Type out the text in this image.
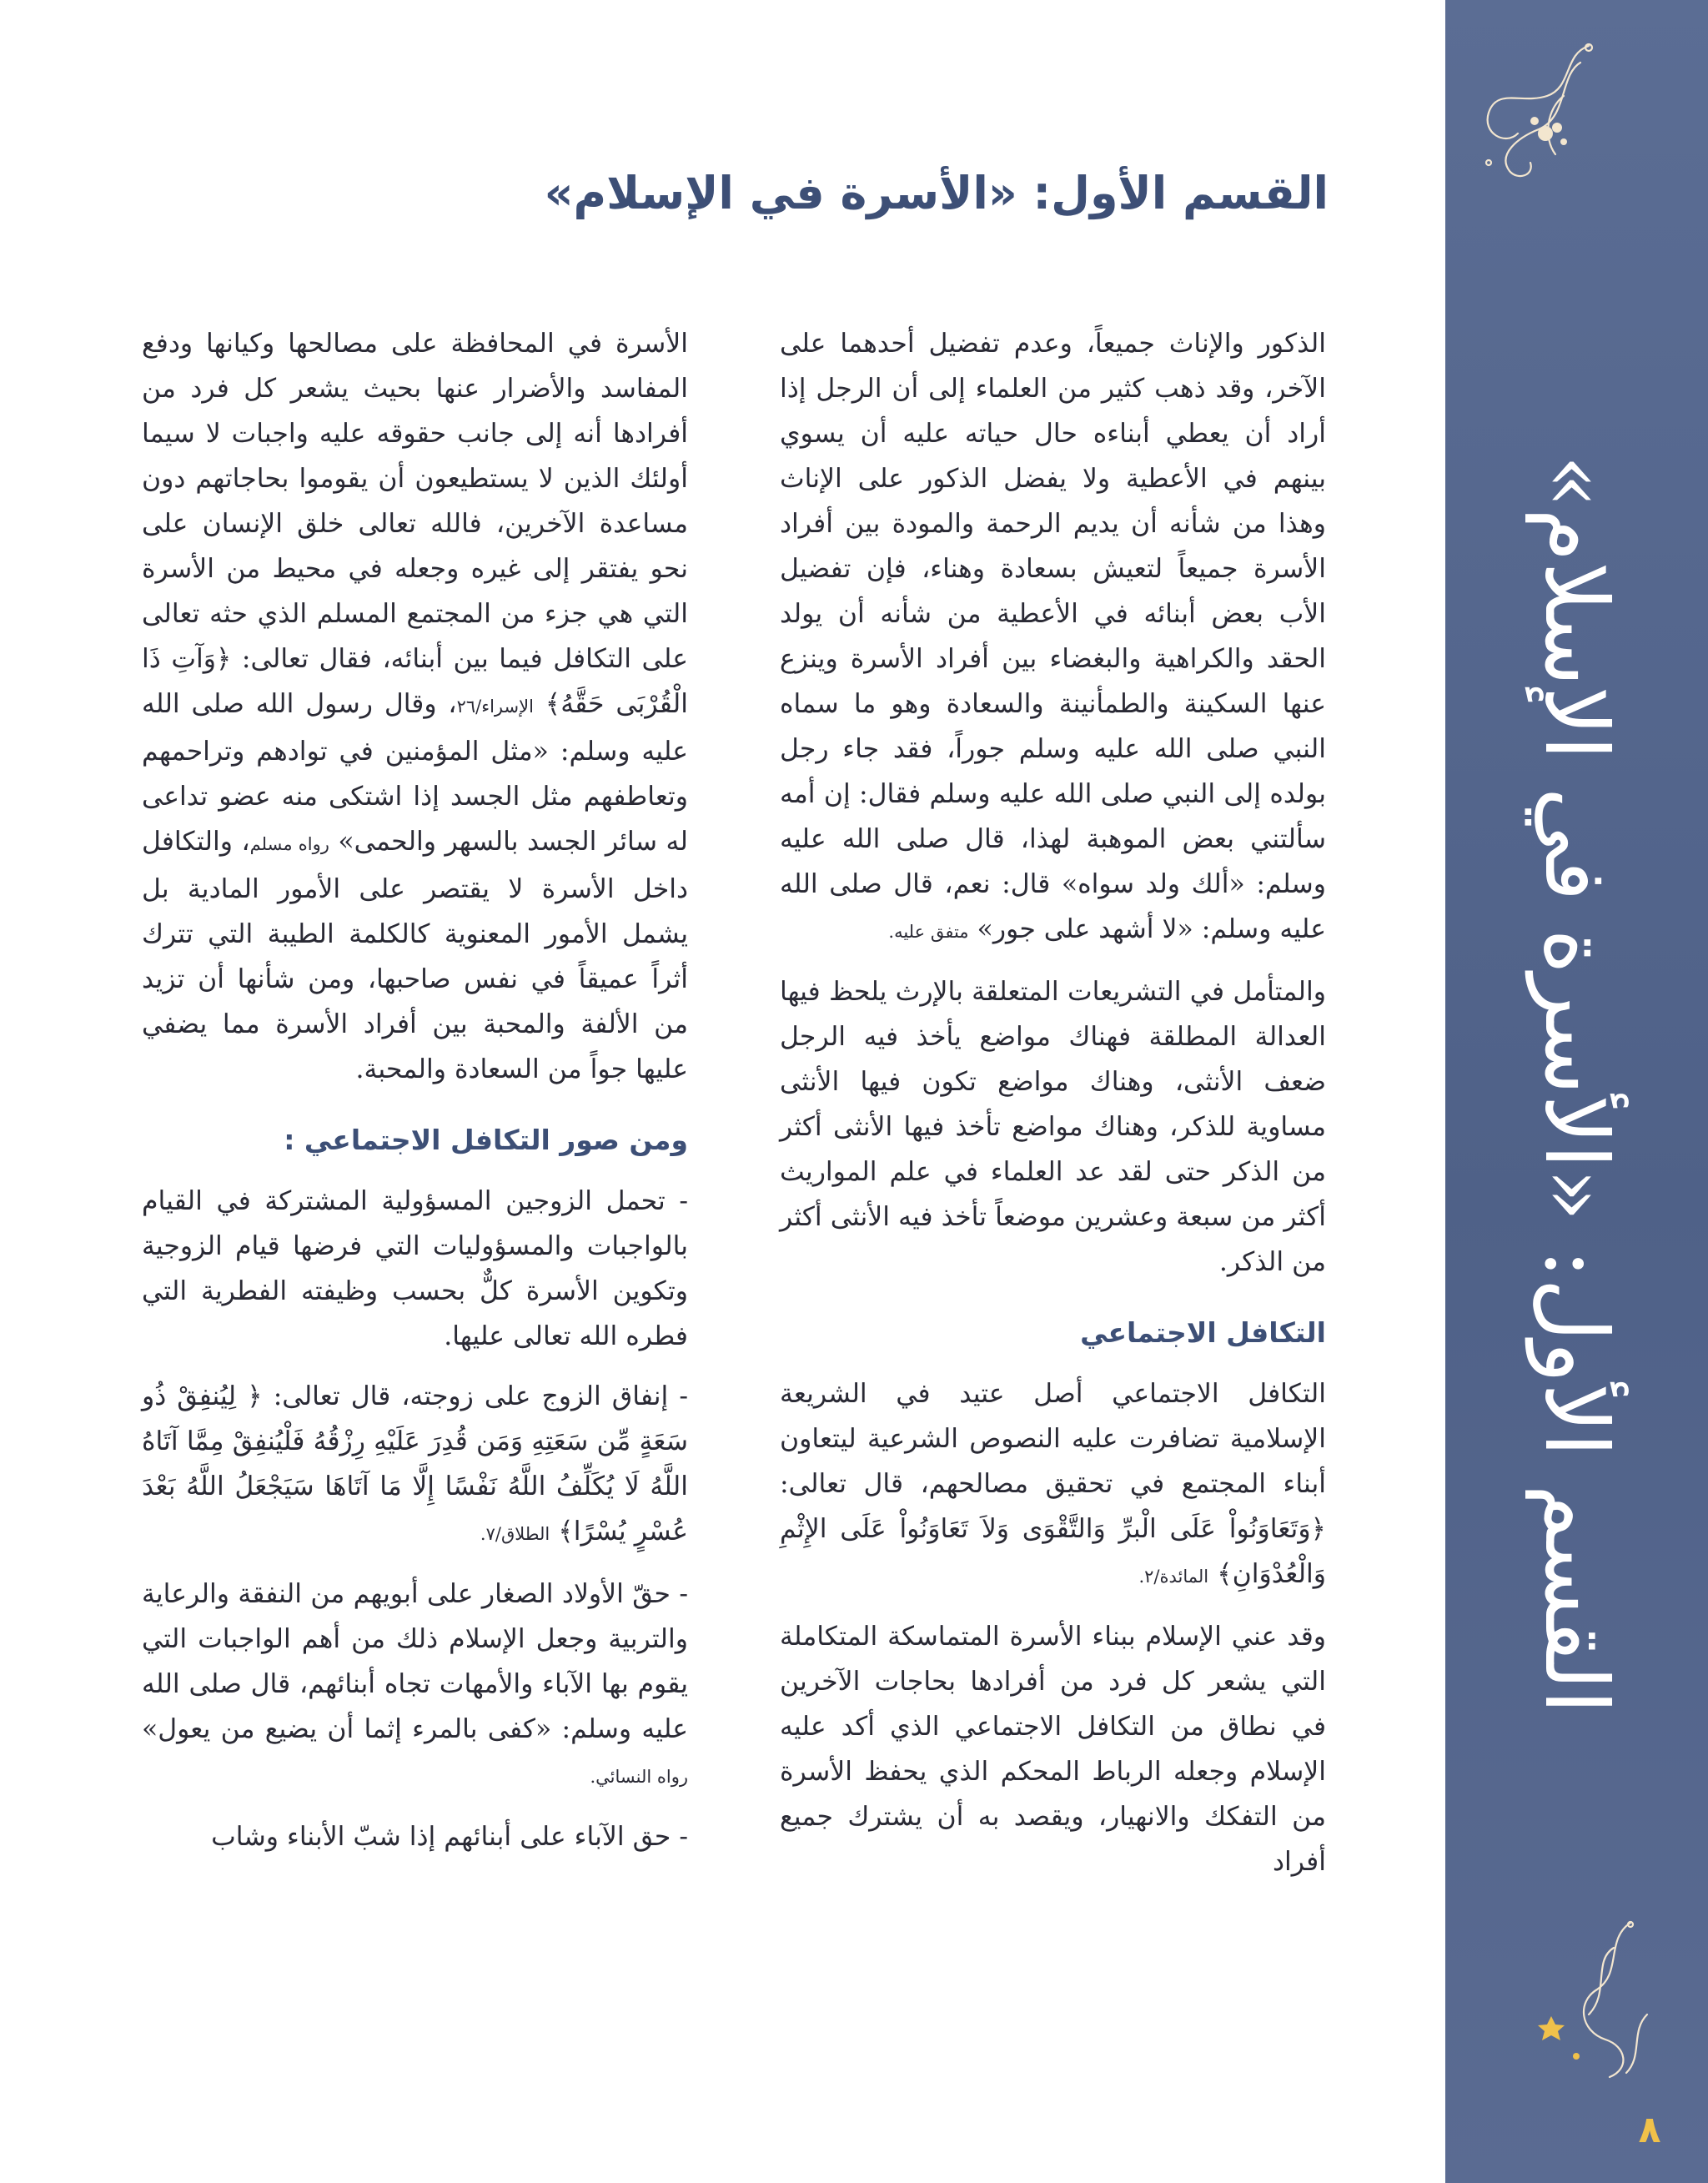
القسم الأول: «الأسرة في الإسلام»
٨
القسم الأول: «الأسرة في الإسلام»

الذكور والإناث جميعاً، وعدم تفضيل أحدهما على الآخر، وقد ذهب كثير من العلماء إلى أن الرجل إذا أراد أن يعطي أبناءه حال حياته عليه أن يسوي بينهم في الأعطية ولا يفضل الذكور على الإناث وهذا من شأنه أن يديم الرحمة والمودة بين أفراد الأسرة جميعاً لتعيش بسعادة وهناء، فإن تفضيل الأب بعض أبنائه في الأعطية من شأنه أن يولد الحقد والكراهية والبغضاء بين أفراد الأسرة وينزع عنها السكينة والطمأنينة والسعادة وهو ما سماه النبي صلى الله عليه وسلم جوراً، فقد جاء رجل بولده إلى النبي صلى الله عليه وسلم فقال: إن أمه سألتني بعض الموهبة لهذا، قال صلى الله عليه وسلم: «ألك ولد سواه» قال: نعم، قال صلى الله عليه وسلم: «لا أشهد على جور» متفق عليه.

والمتأمل في التشريعات المتعلقة بالإرث يلحظ فيها العدالة المطلقة فهناك مواضع يأخذ فيه الرجل ضعف الأنثى، وهناك مواضع تكون فيها الأنثى مساوية للذكر، وهناك مواضع تأخذ فيها الأنثى أكثر من الذكر حتى لقد عد العلماء في علم المواريث أكثر من سبعة وعشرين موضعاً تأخذ فيه الأنثى أكثر من الذكر.

التكافل الاجتماعي

التكافل الاجتماعي أصل عتيد في الشريعة الإسلامية تضافرت عليه النصوص الشرعية ليتعاون أبناء المجتمع في تحقيق مصالحهم، قال تعالى: ﴿وَتَعَاوَنُواْ عَلَى الْبرِّ وَالتَّقْوَى وَلاَ تَعَاوَنُواْ عَلَى الإِثْمِ وَالْعُدْوَانِ﴾ المائدة/٢.

وقد عني الإسلام ببناء الأسرة المتماسكة المتكاملة التي يشعر كل فرد من أفرادها بحاجات الآخرين في نطاق من التكافل الاجتماعي الذي أكد عليه الإسلام وجعله الرباط المحكم الذي يحفظ الأسرة من التفكك والانهيار، ويقصد به أن يشترك جميع أفراد

الأسرة في المحافظة على مصالحها وكيانها ودفع المفاسد والأضرار عنها بحيث يشعر كل فرد من أفرادها أنه إلى جانب حقوقه عليه واجبات لا سيما أولئك الذين لا يستطيعون أن يقوموا بحاجاتهم دون مساعدة الآخرين، فالله تعالى خلق الإنسان على نحو يفتقر إلى غيره وجعله في محيط من الأسرة التي هي جزء من المجتمع المسلم الذي حثه تعالى على التكافل فيما بين أبنائه، فقال تعالى: ﴿وَآتِ ذَا الْقُرْبَى حَقَّهُ﴾ الإسراء/٢٦، وقال رسول الله صلى الله عليه وسلم: «مثل المؤمنين في توادهم وتراحمهم وتعاطفهم مثل الجسد إذا اشتكى منه عضو تداعى له سائر الجسد بالسهر والحمى» رواه مسلم، والتكافل داخل الأسرة لا يقتصر على الأمور المادية بل يشمل الأمور المعنوية كالكلمة الطيبة التي تترك أثراً عميقاً في نفس صاحبها، ومن شأنها أن تزيد من الألفة والمحبة بين أفراد الأسرة مما يضفي عليها جواً من السعادة والمحبة.

ومن صور التكافل الاجتماعي :

- تحمل الزوجين المسؤولية المشتركة في القيام بالواجبات والمسؤوليات التي فرضها قيام الزوجية وتكوين الأسرة كلٌّ بحسب وظيفته الفطرية التي فطره الله تعالى عليها.

- إنفاق الزوج على زوجته، قال تعالى: ﴿ لِيُنفِقْ ذُو سَعَةٍ مِّن سَعَتِهِ وَمَن قُدِرَ عَلَيْهِ رِزْقُهُ فَلْيُنفِقْ مِمَّا آتَاهُ اللَّهُ لَا يُكَلِّفُ اللَّهُ نَفْسًا إِلَّا مَا آتَاهَا سَيَجْعَلُ اللَّهُ بَعْدَ عُسْرٍ يُسْرًا﴾ الطلاق/٧.

- حقّ الأولاد الصغار على أبويهم من النفقة والرعاية والتربية وجعل الإسلام ذلك من أهم الواجبات التي يقوم بها الآباء والأمهات تجاه أبنائهم، قال صلى الله عليه وسلم: «كفى بالمرء إثما أن يضيع من يعول» رواه النسائي.

- حق الآباء على أبنائهم إذا شبّ الأبناء وشاب
